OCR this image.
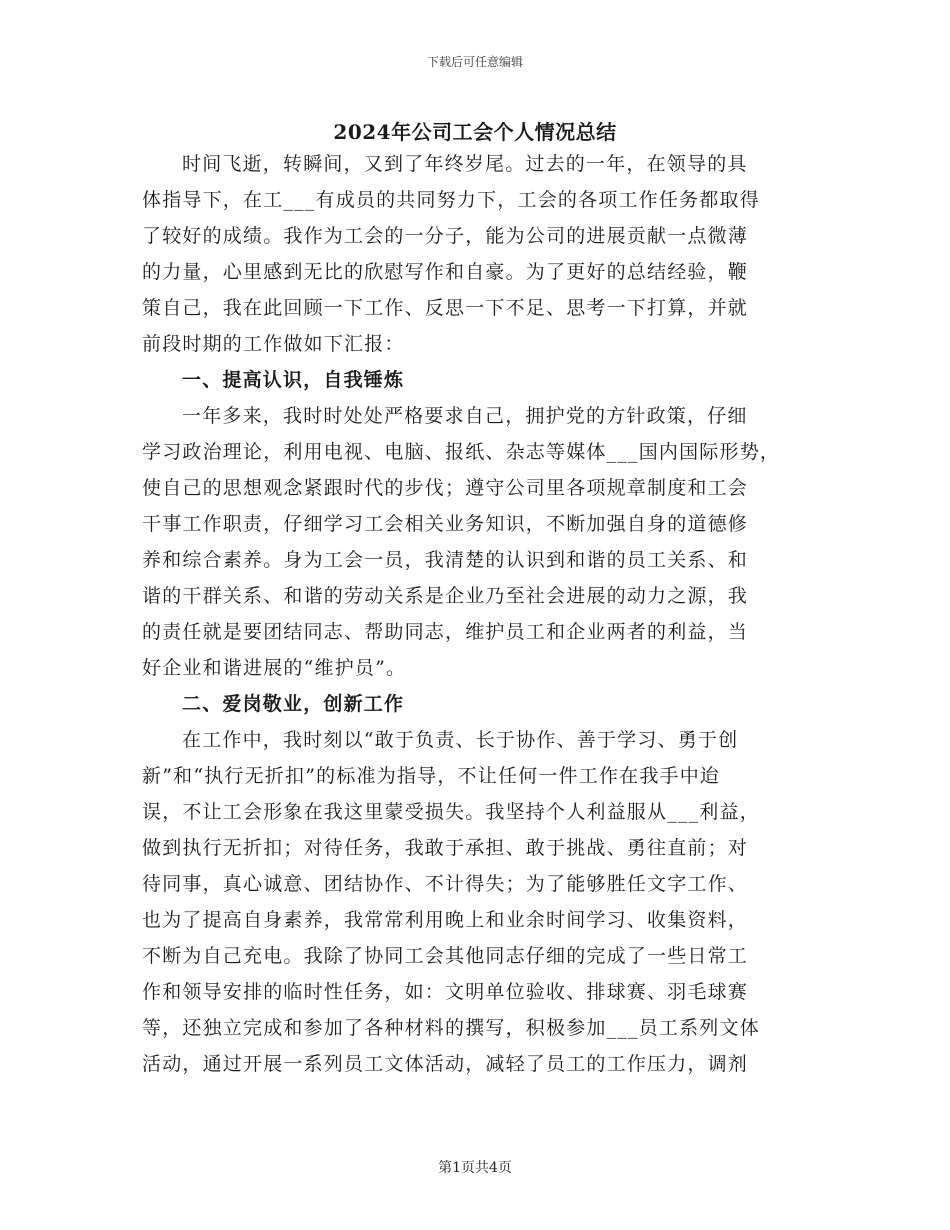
下载后可任意编辑
2024年公司工会个人情况总结
时间飞逝，转瞬间，又到了年终岁尾。过去的一年，在领导的具
体指导下，在工___有成员的共同努力下，工会的各项工作任务都取得
了较好的成绩。我作为工会的一分子，能为公司的进展贡献一点微薄
的力量，心里感到无比的欣慰写作和自豪。为了更好的总结经验，鞭
策自己，我在此回顾一下工作、反思一下不足、思考一下打算，并就
前段时期的工作做如下汇报：
一、提高认识，自我锤炼
一年多来，我时时处处严格要求自己，拥护党的方针政策，仔细
学习政治理论，利用电视、电脑、报纸、杂志等媒体___国内国际形势，
使自己的思想观念紧跟时代的步伐；遵守公司里各项规章制度和工会
干事工作职责，仔细学习工会相关业务知识，不断加强自身的道德修
养和综合素养。身为工会一员，我清楚的认识到和谐的员工关系、和
谐的干群关系、和谐的劳动关系是企业乃至社会进展的动力之源，我
的责任就是要团结同志、帮助同志，维护员工和企业两者的利益，当
好企业和谐进展的“维护员”。
二、爱岗敬业，创新工作
在工作中，我时刻以“敢于负责、长于协作、善于学习、勇于创
新”和“执行无折扣”的标准为指导，不让任何一件工作在我手中迨
误，不让工会形象在我这里蒙受损失。我坚持个人利益服从___利益，
做到执行无折扣；对待任务，我敢于承担、敢于挑战、勇往直前；对
待同事，真心诚意、团结协作、不计得失；为了能够胜任文字工作、
也为了提高自身素养，我常常利用晚上和业余时间学习、收集资料，
不断为自己充电。我除了协同工会其他同志仔细的完成了一些日常工
作和领导安排的临时性任务，如：文明单位验收、排球赛、羽毛球赛
等，还独立完成和参加了各种材料的撰写，积极参加___员工系列文体
活动，通过开展一系列员工文体活动，减轻了员工的工作压力，调剂
第1页共4页
